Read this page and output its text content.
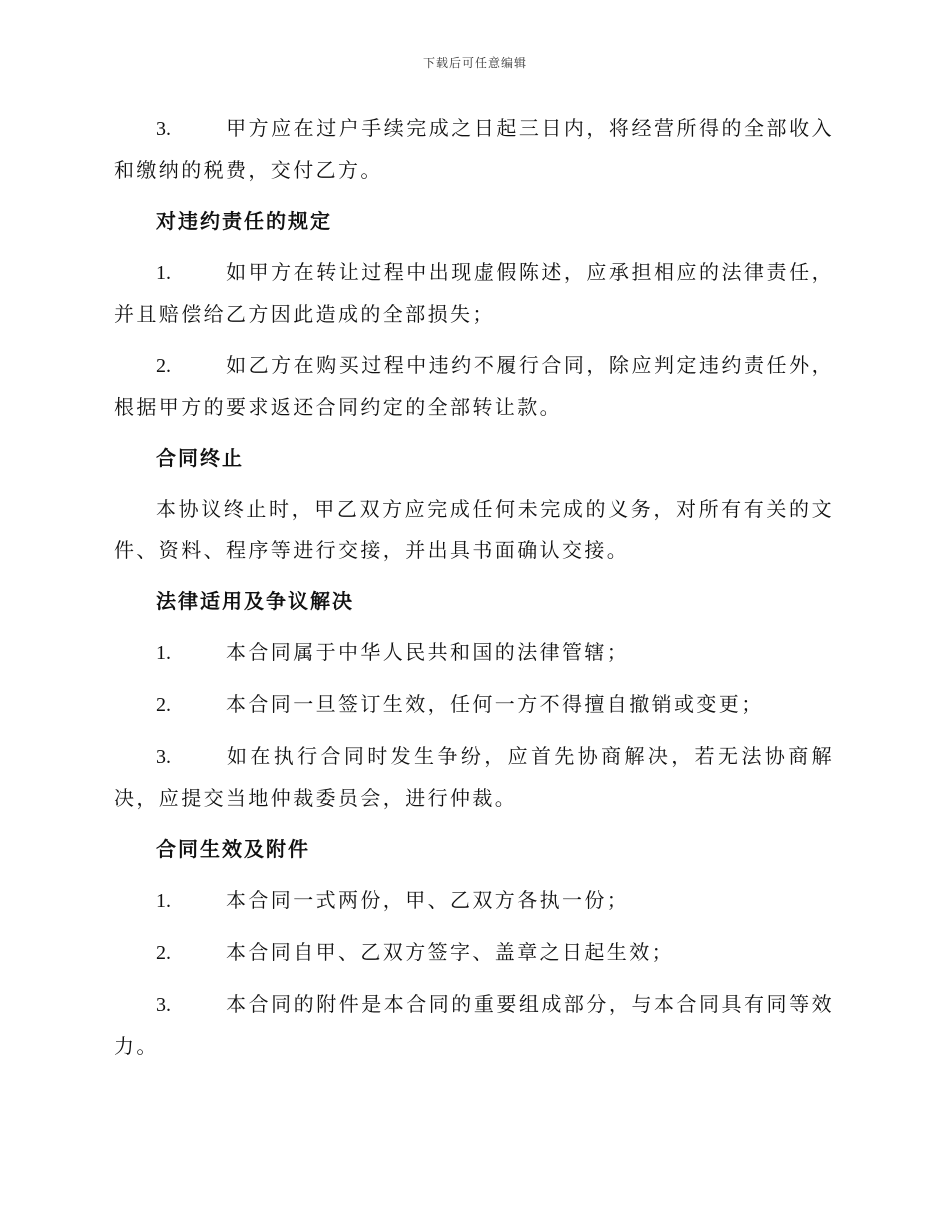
下载后可任意编辑

3.	甲方应在过户手续完成之日起三日内，将经营所得的全部收入和缴纳的税费，交付乙方。

对违约责任的规定

1.	如甲方在转让过程中出现虚假陈述，应承担相应的法律责任，并且赔偿给乙方因此造成的全部损失；

2.	如乙方在购买过程中违约不履行合同，除应判定违约责任外，根据甲方的要求返还合同约定的全部转让款。

合同终止

本协议终止时，甲乙双方应完成任何未完成的义务，对所有有关的文件、资料、程序等进行交接，并出具书面确认交接。

法律适用及争议解决

1.	本合同属于中华人民共和国的法律管辖；

2.	本合同一旦签订生效，任何一方不得擅自撤销或变更；

3.	如在执行合同时发生争纷，应首先协商解决，若无法协商解决，应提交当地仲裁委员会，进行仲裁。

合同生效及附件

1.	本合同一式两份，甲、乙双方各执一份；

2.	本合同自甲、乙双方签字、盖章之日起生效；

3.	本合同的附件是本合同的重要组成部分，与本合同具有同等效力。
